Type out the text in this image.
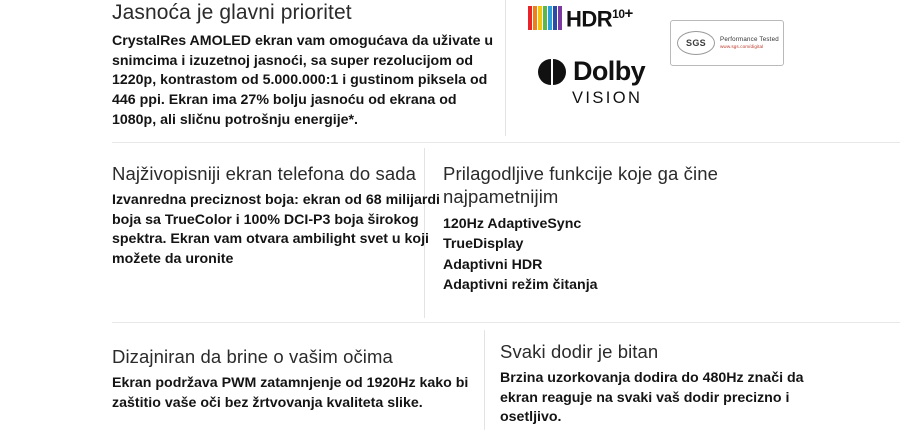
Jasnoća je glavni prioritet

CrystalRes AMOLED ekran vam omogućava da uživate u snimcima i izuzetnoj jasnoći, sa super rezolucijom od 1220p, kontrastom od 5.000.000:1 i gustinom piksela od 446 ppi. Ekran ima 27% bolju jasnoću od ekrana od 1080p, ali sličnu potrošnju energije*.

$HDR^{10+}$
Dolby
VISION
SGS	Performance Tested
www.sgs.com/digital
Najživopisniji ekran telefona do sada

Izvanredna preciznost boja: ekran od 68 milijardi boja sa TrueColor i 100% DCI‑P3 boja širokog spektra. Ekran vam otvara ambilight svet u koji možete da uronite

Prilagodljive funkcije koje ga čine najpametnijim
120Hz AdaptiveSync
TrueDisplay
Adaptivni HDR
Adaptivni režim čitanja
Dizajniran da brine o vašim očima

Ekran podržava PWM zatamnjenje od 1920Hz kako bi zaštitio vaše oči bez žrtvovanja kvaliteta slike.

Svaki dodir je bitan

Brzina uzorkovanja dodira do 480Hz znači da ekran reaguje na svaki vaš dodir precizno i osetljivo.
